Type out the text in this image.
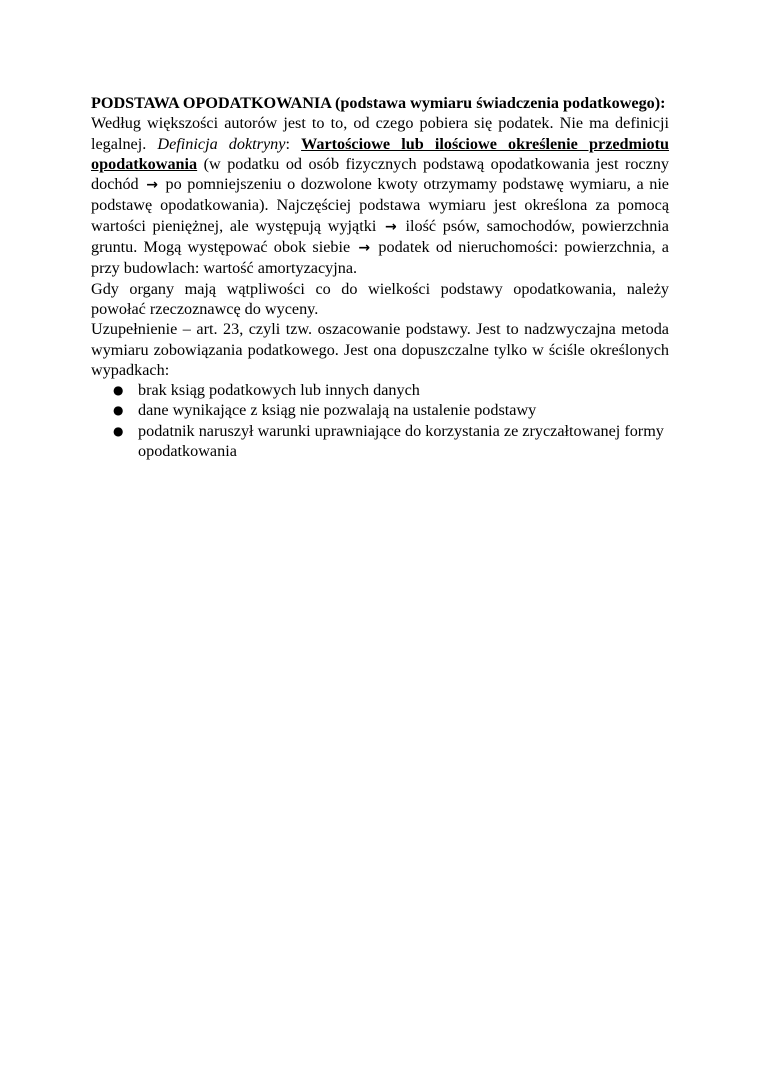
PODSTAWA OPODATKOWANIA (podstawa wymiaru świadczenia podatkowego):

Według większości autorów jest to to, od czego pobiera się podatek. Nie ma definicji legalnej. Definicja doktryny: Wartościowe lub ilościowe określenie przedmiotu opodatkowania (w podatku od osób fizycznych podstawą opodatkowania jest roczny dochód → po pomniejszeniu o dozwolone kwoty otrzymamy podstawę wymiaru, a nie podstawę opodatkowania). Najczęściej podstawa wymiaru jest określona za pomocą wartości pieniężnej, ale występują wyjątki → ilość psów, samochodów, powierzchnia gruntu. Mogą występować obok siebie → podatek od nieruchomości: powierzchnia, a przy budowlach: wartość amortyzacyjna.

Gdy organy mają wątpliwości co do wielkości podstawy opodatkowania, należy powołać rzeczoznawcę do wyceny.

Uzupełnienie – art. 23, czyli tzw. oszacowanie podstawy. Jest to nadzwyczajna metoda wymiaru zobowiązania podatkowego. Jest ona dopuszczalne tylko w ściśle określonych wypadkach:

● brak ksiąg podatkowych lub innych danych
● dane wynikające z ksiąg nie pozwalają na ustalenie podstawy
● podatnik naruszył warunki uprawniające do korzystania ze zryczałtowanej formy opodatkowania
